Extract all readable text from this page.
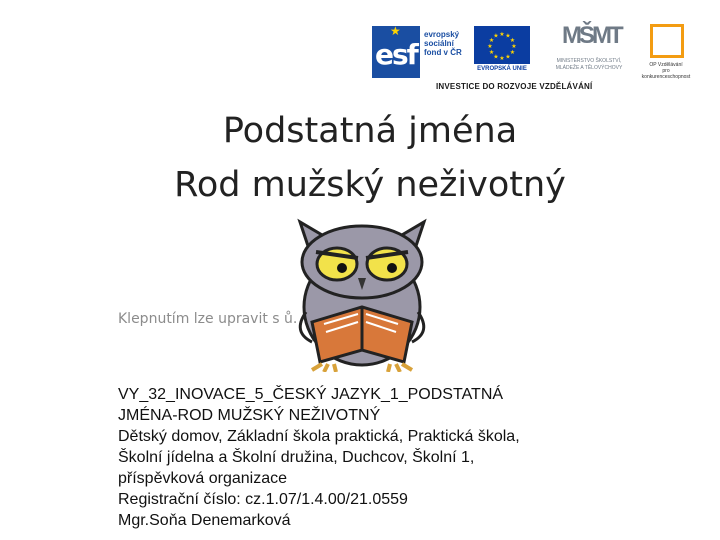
★
esf
evropský
sociální
fond v ČR
★
★
★
★
★
★
★
★
★ ★ ★
★
EVROPSKÁ UNIE
MŠMT
MINISTERSTVO ŠKOLSTVÍ,
MLÁDEŽE A TĚLOVÝCHOVY	OP Vzdělávání
pro konkurenceschopnost
INVESTICE DO ROZVOJE VZDĚLÁVÁNÍ
Podstatná jména
Rod mužský neživotný
Klepnutím lze upravit s ů.
VY_32_INOVACE_5_ČESKÝ JAZYK_1_PODSTATNÁ
JMÉNA-ROD MUŽSKÝ NEŽIVOTNÝ
Dětský domov, Základní škola praktická, Praktická škola,
Školní jídelna a Školní družina, Duchcov, Školní 1,
příspěvková organizace
Registrační číslo: cz.1.07/1.4.00/21.0559
Mgr.Soňa Denemarková
